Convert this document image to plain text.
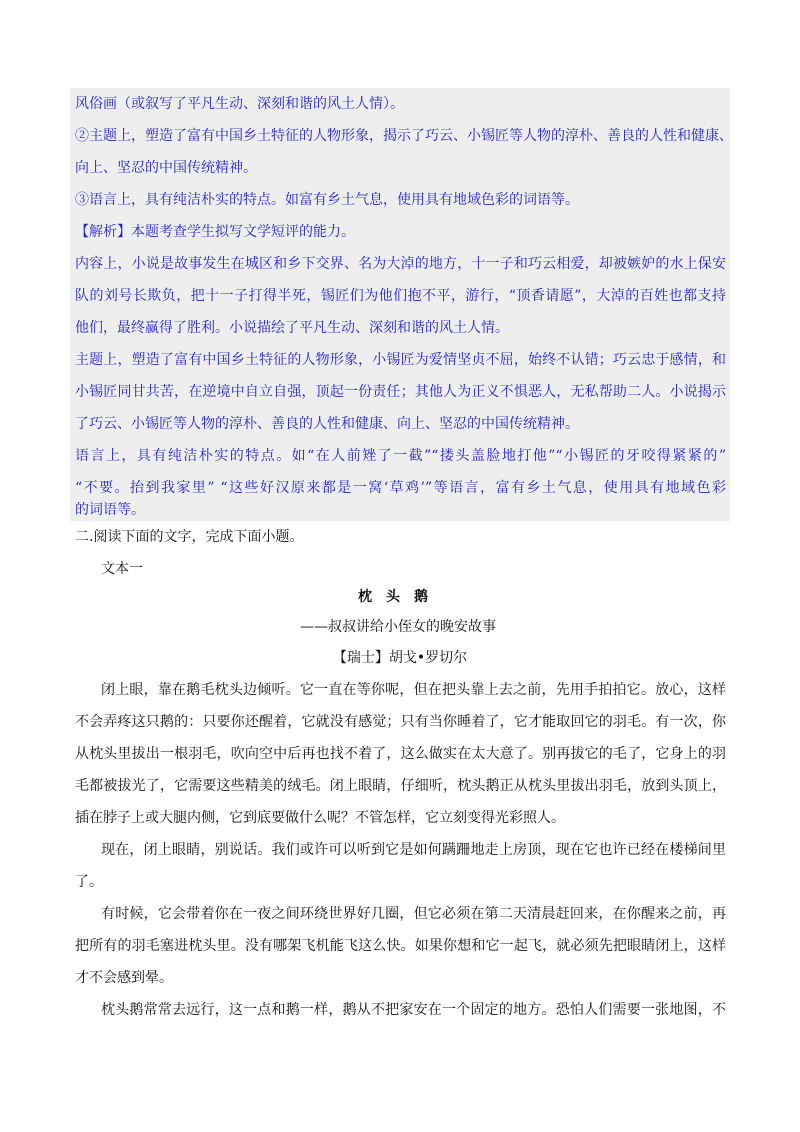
风俗画（或叙写了平凡生动、深刻和谐的风土人情）。

②主题上，塑造了富有中国乡土特征的人物形象，揭示了巧云、小锡匠等人物的淳朴、善良的人性和健康、

向上、坚忍的中国传统精神。

③语言上，具有纯洁朴实的特点。如富有乡土气息，使用具有地域色彩的词语等。

【解析】本题考查学生拟写文学短评的能力。

内容上，小说是故事发生在城区和乡下交界、名为大淖的地方，十一子和巧云相爱，却被嫉妒的水上保安

队的刘号长欺负，把十一子打得半死，锡匠们为他们抱不平，游行，“顶香请愿”，大淖的百姓也都支持

他们，最终赢得了胜利。小说描绘了平凡生动、深刻和谐的风土人情。

主题上，塑造了富有中国乡土特征的人物形象，小锡匠为爱情坚贞不屈，始终不认错；巧云忠于感情，和

小锡匠同甘共苦，在逆境中自立自强，顶起一份责任；其他人为正义不惧恶人，无私帮助二人。小说揭示

了巧云、小锡匠等人物的淳朴、善良的人性和健康、向上、坚忍的中国传统精神。

语言上，具有纯洁朴实的特点。如“在人前矬了一截”“搂头盖脸地打他”“小锡匠的牙咬得紧紧的”

“不要。抬到我家里” “这些好汉原来都是一窝‘草鸡’”等语言，富有乡土气息，使用具有地域色彩

的词语等。

二.阅读下面的文字，完成下面小题。

文本一

枕头鹅

——叔叔讲给小侄女的晚安故事

【瑞士】胡戈•罗切尔

闭上眼，靠在鹅毛枕头边倾听。它一直在等你呢，但在把头靠上去之前，先用手拍拍它。放心，这样

不会弄疼这只鹅的：只要你还醒着，它就没有感觉；只有当你睡着了，它才能取回它的羽毛。有一次，你

从枕头里拔出一根羽毛，吹向空中后再也找不着了，这么做实在太大意了。别再拔它的毛了，它身上的羽

毛都被拔光了，它需要这些精美的绒毛。闭上眼睛，仔细听，枕头鹅正从枕头里拔出羽毛，放到头顶上，

插在脖子上或大腿内侧，它到底要做什么呢？不管怎样，它立刻变得光彩照人。

现在，闭上眼睛，别说话。我们或许可以听到它是如何蹒跚地走上房顶，现在它也许已经在楼梯间里

了。

有时候，它会带着你在一夜之间环绕世界好几圈，但它必须在第二天清晨赶回来，在你醒来之前，再

把所有的羽毛塞进枕头里。没有哪架飞机能飞这么快。如果你想和它一起飞，就必须先把眼睛闭上，这样

才不会感到晕。

枕头鹅常常去远行，这一点和鹅一样，鹅从不把家安在一个固定的地方。恐怕人们需要一张地图，不
